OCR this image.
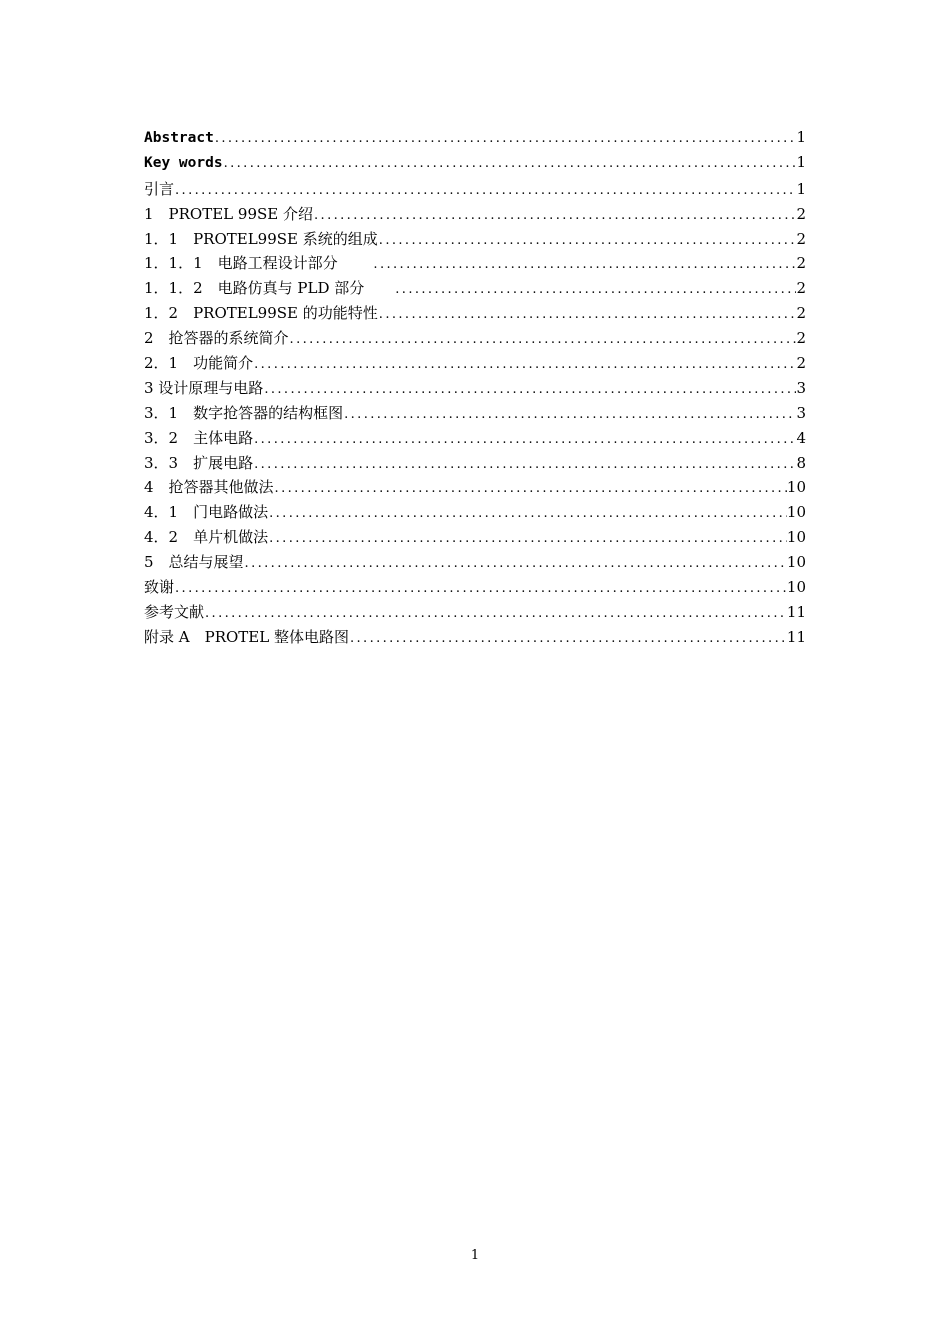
Abstract .....	1
Key words .....	1
引言 .....	1
1　PROTEL 99SE 介绍 .....	2
1．1　PROTEL99SE 系统的组成 .....	2
1．1．1　电路工程设计部分　　 .....	2
1．1．2　电路仿真与 PLD 部分　　 .....	2
1．2　PROTEL99SE 的功能特性 .....	2
2　抢答器的系统简介 .....	2
2．1　功能简介 .....	2
3 设计原理与电路 .....	3
3．1　数字抢答器的结构框图 .....	3
3．2　主体电路 .....	4
3．3　扩展电路 .....	8
4　抢答器其他做法 .....	10
4．1　门电路做法 .....	10
4．2　单片机做法 .....	10
5　总结与展望 .....	10
致谢 .....	10
参考文献 .....	11
附录 A　PROTEL 整体电路图 .....	11
1
